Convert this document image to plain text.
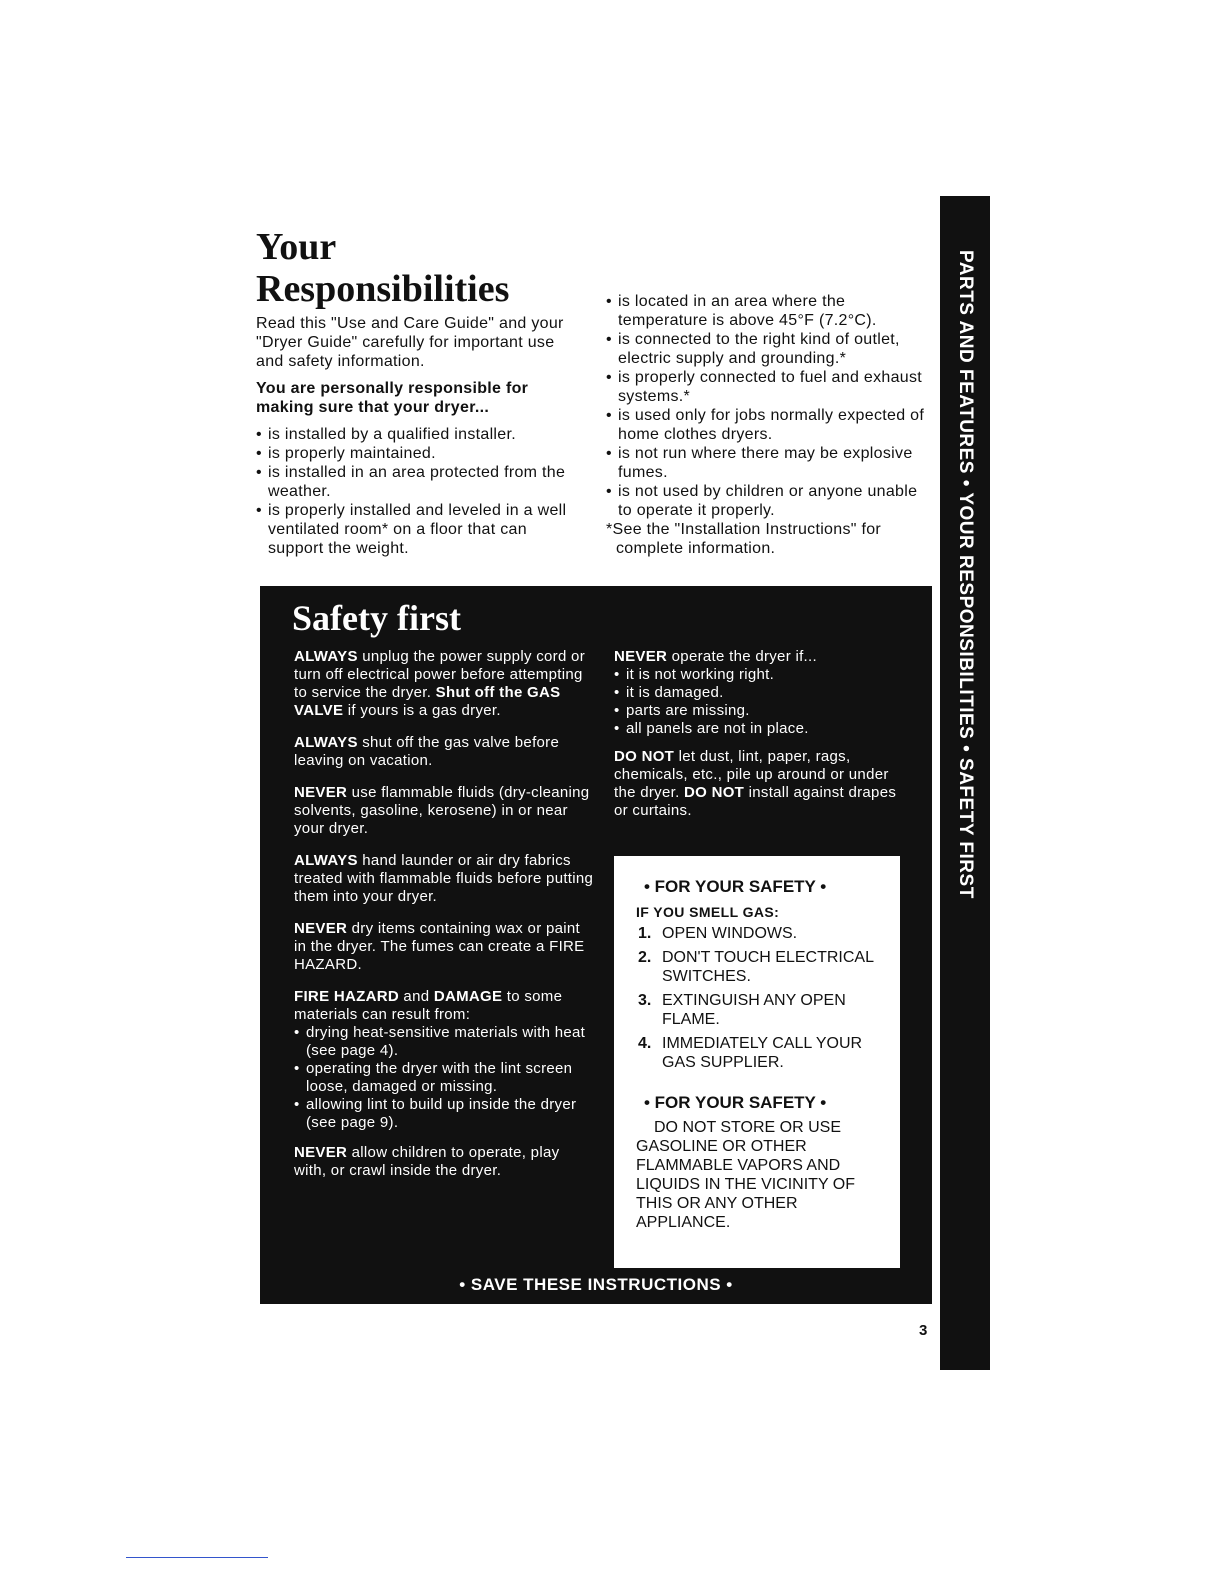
Your
Responsibilities

Read this "Use and Care Guide" and your "Dryer Guide" carefully for important use and safety information.

You are personally responsible for making sure that your dryer...

• is installed by a qualified installer.
• is properly maintained.
• is installed in an area protected from the weather.
• is properly installed and leveled in a well ventilated room* on a floor that can support the weight.
• is located in an area where the temperature is above 45°F (7.2°C).
• is connected to the right kind of outlet, electric supply and grounding.*
• is properly connected to fuel and exhaust systems.*
• is used only for jobs normally expected of home clothes dryers.
• is not run where there may be explosive fumes.
• is not used by children or anyone unable to operate it properly.

*See the "Installation Instructions" for complete information.	PARTS AND FEATURES • YOUR RESPONSIBILITIES • SAFETY FIRST
Safety first

ALWAYS unplug the power supply cord or turn off electrical power before attempting to service the dryer. Shut off the GAS VALVE if yours is a gas dryer.

ALWAYS shut off the gas valve before leaving on vacation.

NEVER use flammable fluids (dry-cleaning solvents, gasoline, kerosene) in or near your dryer.

ALWAYS hand launder or air dry fabrics treated with flammable fluids before putting them into your dryer.

NEVER dry items containing wax or paint in the dryer. The fumes can create a FIRE HAZARD.

FIRE HAZARD and DAMAGE to some materials can result from:

• drying heat-sensitive materials with heat (see page 4).
• operating the dryer with the lint screen loose, damaged or missing.
• allowing lint to build up inside the dryer (see page 9).

NEVER allow children to operate, play with, or crawl inside the dryer.

NEVER operate the dryer if...

• it is not working right.
• it is damaged.
• parts are missing.
• all panels are not in place.

DO NOT let dust, lint, paper, rags, chemicals, etc., pile up around or under the dryer. DO NOT install against drapes or curtains.

• FOR YOUR SAFETY •

IF YOU SMELL GAS:

1. OPEN WINDOWS.
2. DON'T TOUCH ELECTRICAL SWITCHES.
3. EXTINGUISH ANY OPEN FLAME.
4. IMMEDIATELY CALL YOUR GAS SUPPLIER.

• FOR YOUR SAFETY •

DO NOT STORE OR USE

GASOLINE OR OTHER FLAMMABLE VAPORS AND LIQUIDS IN THE VICINITY OF THIS OR ANY OTHER APPLIANCE.

• SAVE THESE INSTRUCTIONS •
3
